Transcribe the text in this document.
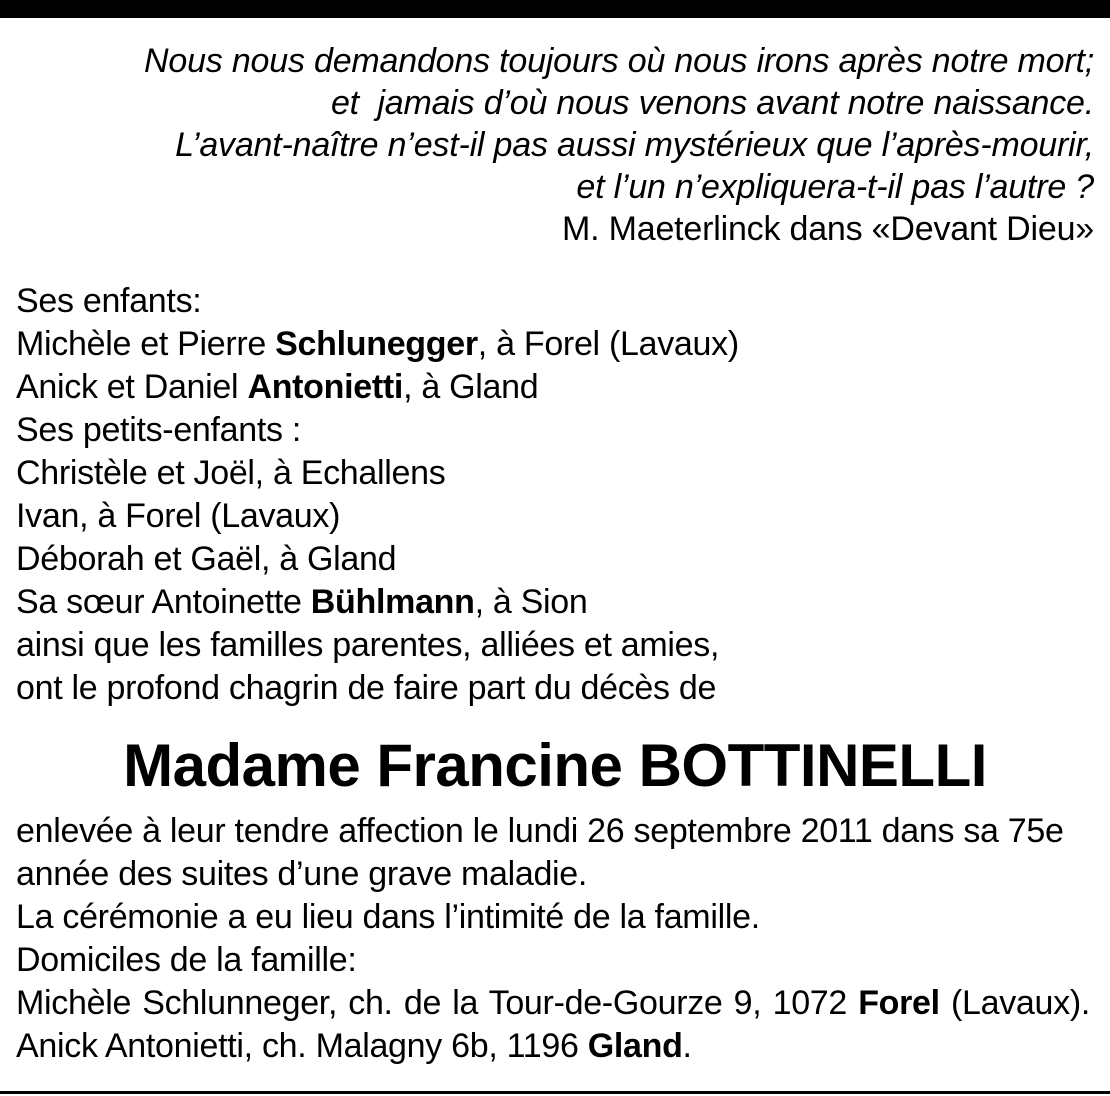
Nous nous demandons toujours où nous irons après notre mort;
et  jamais d’où nous venons avant notre naissance.
L’avant-naître n’est-il pas aussi mystérieux que l’après-mourir,
et l’un n’expliquera-t-il pas l’autre ?
M. Maeterlinck dans «Devant Dieu»
Ses enfants:
Michèle et Pierre Schlunegger, à Forel (Lavaux)
Anick et Daniel Antonietti, à Gland
Ses petits-enfants :
Christèle et Joël, à Echallens
Ivan, à Forel (Lavaux)
Déborah et Gaël, à Gland
Sa sœur Antoinette Bühlmann, à Sion
ainsi que les familles parentes, alliées et amies,
ont le profond chagrin de faire part du décès de
Madame Francine BOTTINELLI
enlevée à leur tendre affection le lundi 26 septembre 2011 dans sa 75e
année des suites d’une grave maladie.
La cérémonie a eu lieu dans l’intimité de la famille.
Domiciles de la famille:
Michèle Schlunneger, ch. de la Tour-de-Gourze 9, 1072 Forel (Lavaux).
Anick Antonietti, ch. Malagny 6b, 1196 Gland.
